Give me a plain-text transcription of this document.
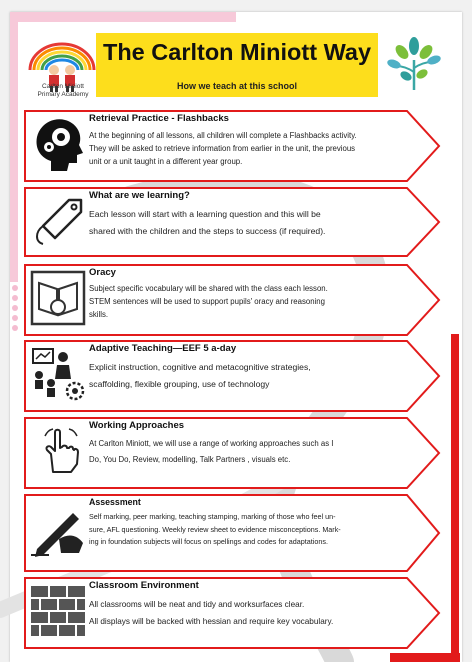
Carlton Miniott
Primary Academy
The Carlton Miniott Way
How we teach at this school
Retrieval Practice - Flashbacks

At the beginning of all lessons, all children will complete a Flashbacks activity.

They will be asked to retrieve information from earlier in the unit, the previous

unit or a unit taught in a different year group.

What are we learning?

Each lesson will start with a learning question and this will be

shared with the children and the steps to success (if required).

Oracy

Subject specific vocabulary will be shared with the class each lesson.

STEM sentences will be used to support pupils' oracy and reasoning

skills.

Adaptive Teaching—EEF 5 a-day

Explicit instruction, cognitive and metacognitive strategies,

scaffolding, flexible grouping, use of technology

Working Approaches

At Carlton Miniott, we will use a range of working approaches such as I

Do, You Do, Review, modelling, Talk Partners , visuals etc.

Assessment

Self marking, peer marking, teaching stamping, marking of those who feel un-

sure, AFL questioning. Weekly review sheet to evidence misconceptions. Mark-

ing in foundation subjects will focus on spellings and codes for adaptations.

Classroom Environment

All classrooms will be neat and tidy and worksurfaces clear.

All displays will be backed with hessian and require key vocabulary.
